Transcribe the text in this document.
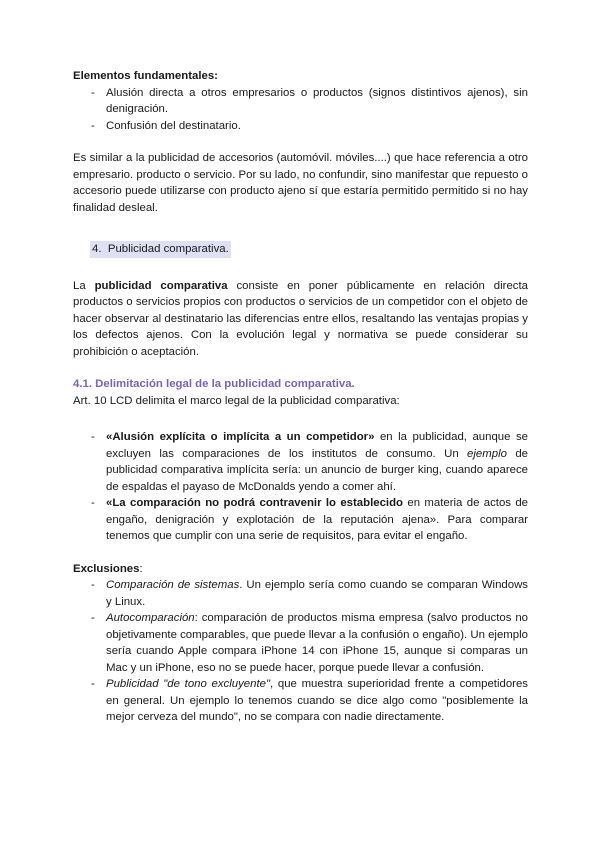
Elementos fundamentales:
- Alusión directa a otros empresarios o productos (signos distintivos ajenos), sin denigración.
- Confusión del destinatario.

Es similar a la publicidad de accesorios (automóvil. móviles....) que hace referencia a otro empresario. producto o servicio. Por su lado, no confundir, sino manifestar que repuesto o accesorio puede utilizarse con producto ajeno sí que estaría permitido permitido si no hay finalidad desleal.

4. Publicidad comparativa.

La publicidad comparativa consiste en poner públicamente en relación directa productos o servicios propios con productos o servicios de un competidor con el objeto de hacer observar al destinatario las diferencias entre ellos, resaltando las ventajas propias y los defectos ajenos. Con la evolución legal y normativa se puede considerar su prohibición o aceptación.

4.1. Delimitación legal de la publicidad comparativa.

Art. 10 LCD delimita el marco legal de la publicidad comparativa:

- «Alusión explícita o implícita a un competidor» en la publicidad, aunque se excluyen las comparaciones de los institutos de consumo. Un ejemplo de publicidad comparativa implícita sería: un anuncio de burger king, cuando aparece de espaldas el payaso de McDonalds yendo a comer ahí.
- «La comparación no podrá contravenir lo establecido en materia de actos de engaño, denigración y explotación de la reputación ajena». Para comparar tenemos que cumplir con una serie de requisitos, para evitar el engaño.
Exclusiones:
- Comparación de sistemas. Un ejemplo sería como cuando se comparan Windows y Linux.
- Autocomparación: comparación de productos misma empresa (salvo productos no objetivamente comparables, que puede llevar a la confusión o engaño). Un ejemplo sería cuando Apple compara iPhone 14 con iPhone 15, aunque si comparas un Mac y un iPhone, eso no se puede hacer, porque puede llevar a confusión.
- Publicidad "de tono excluyente", que muestra superioridad frente a competidores en general. Un ejemplo lo tenemos cuando se dice algo como "posiblemente la mejor cerveza del mundo", no se compara con nadie directamente.
